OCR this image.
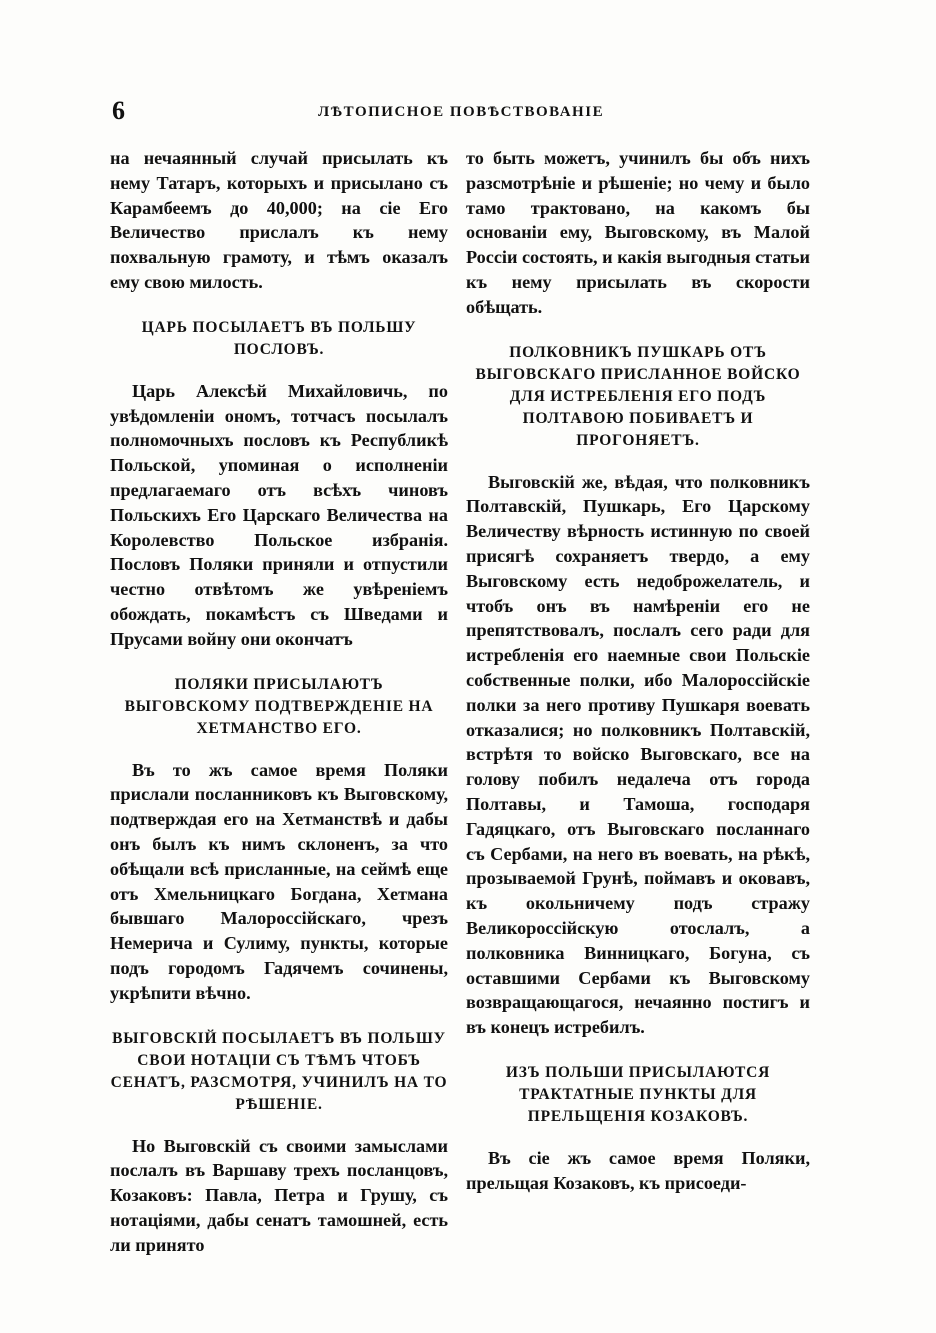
6	ЛѢТОПИСНОЕ ПОВѢСТВОВАНІЕ

на нечаянный случай присылать къ нему Татаръ, которыхъ и присылано съ Карамбеемъ до 40,000; на сіе Его Величество прислалъ къ нему похвальную грамоту, и тѣмъ оказалъ ему свою милость.

ЦАРЬ ПОСЫЛАЕТЪ ВЪ ПОЛЬШУ ПОСЛОВЪ.

Царь Алексѣй Михайловичь, по увѣдомленіи ономъ, тотчасъ посылалъ полномочныхъ пословъ къ Республикѣ Польской, упоминая о исполненіи предлагаемаго отъ всѣхъ чиновъ Польскихъ Его Царскаго Величества на Королевство Польское избранія. Пословъ Поляки приняли и отпустили честно отвѣтомъ же увѣреніемъ обождать, покамѣстъ съ Шведами и Прусами войну они окончатъ

ПОЛЯКИ ПРИСЫЛАЮТЪ ВЫГОВСКОМУ ПОДТВЕРЖДЕНІЕ НА ХЕТМАНСТВО ЕГО.

Въ то жъ самое время Поляки прислали посланниковъ къ Выговскому, подтверждая его на Хетманствѣ и дабы онъ былъ къ нимъ склоненъ, за что обѣщали всѣ присланные, на сеймѣ еще отъ Хмельницкаго Богдана, Хетмана бывшаго Малороссійскаго, чрезъ Немерича и Сулиму, пункты, которые подъ городомъ Гадячемъ сочинены, укрѣпити вѣчно.

ВЫГОВСКІЙ ПОСЫЛАЕТЪ ВЪ ПОЛЬШУ СВОИ НОТАЦІИ СЪ ТѢМЪ ЧТОБЪ СЕНАТЪ, РАЗСМОТРЯ, УЧИНИЛЪ НА ТО РѢШЕНІЕ.

Но Выговскій съ своими замыслами послалъ въ Варшаву трехъ посланцовъ, Козаковъ: Павла, Петра и Грушу, съ нотаціями, дабы сенатъ тамошней, есть ли принято

то быть можетъ, учинилъ бы объ нихъ разсмотрѣніе и рѣшеніе; но чему и было тамо трактовано, на какомъ бы основаніи ему, Выговскому, въ Малой Россіи состоять, и какія выгодныя статьи къ нему присылать въ скорости обѣщать.

ПОЛКОВНИКЪ ПУШКАРЬ ОТЪ ВЫГОВСКАГО ПРИСЛАННОЕ ВОЙСКО ДЛЯ ИСТРЕБЛЕНІЯ ЕГО ПОДЪ ПОЛТАВОЮ ПОБИВАЕТЪ И ПРОГОНЯЕТЪ.

Выговскій же, вѣдая, что полковникъ Полтавскій, Пушкарь, Его Царскому Величеству вѣрность истинную по своей присягѣ сохраняетъ твердо, а ему Выговскому есть недоброжелатель, и чтобъ онъ въ намѣреніи его не препятствовалъ, послалъ сего ради для истребленія его наемные свои Польскіе собственные полки, ибо Малороссійскіе полки за него противу Пушкаря воевать отказалися; но полковникъ Полтавскій, встрѣтя то войско Выговскаго, все на голову побилъ недалеча отъ города Полтавы, и Тамоша, господаря Гадяцкаго, отъ Выговскаго посланнаго съ Сербами, на него въ воевать, на рѣкѣ, прозываемой Грунѣ, поймавъ и оковавъ, къ окольничему подъ стражу Великороссійскую отослалъ, а полковника Винницкаго, Богуна, съ оставшими Сербами къ Выговскому возвращающагося, нечаянно постигъ и въ конецъ истребилъ.

ИЗЪ ПОЛЬШИ ПРИСЫЛАЮТСЯ ТРАКТАТНЫЕ ПУНКТЫ ДЛЯ ПРЕЛЬЩЕНІЯ КОЗАКОВЪ.

Въ сіе жъ самое время Поляки, прельщая Козаковъ, къ присоеди-
